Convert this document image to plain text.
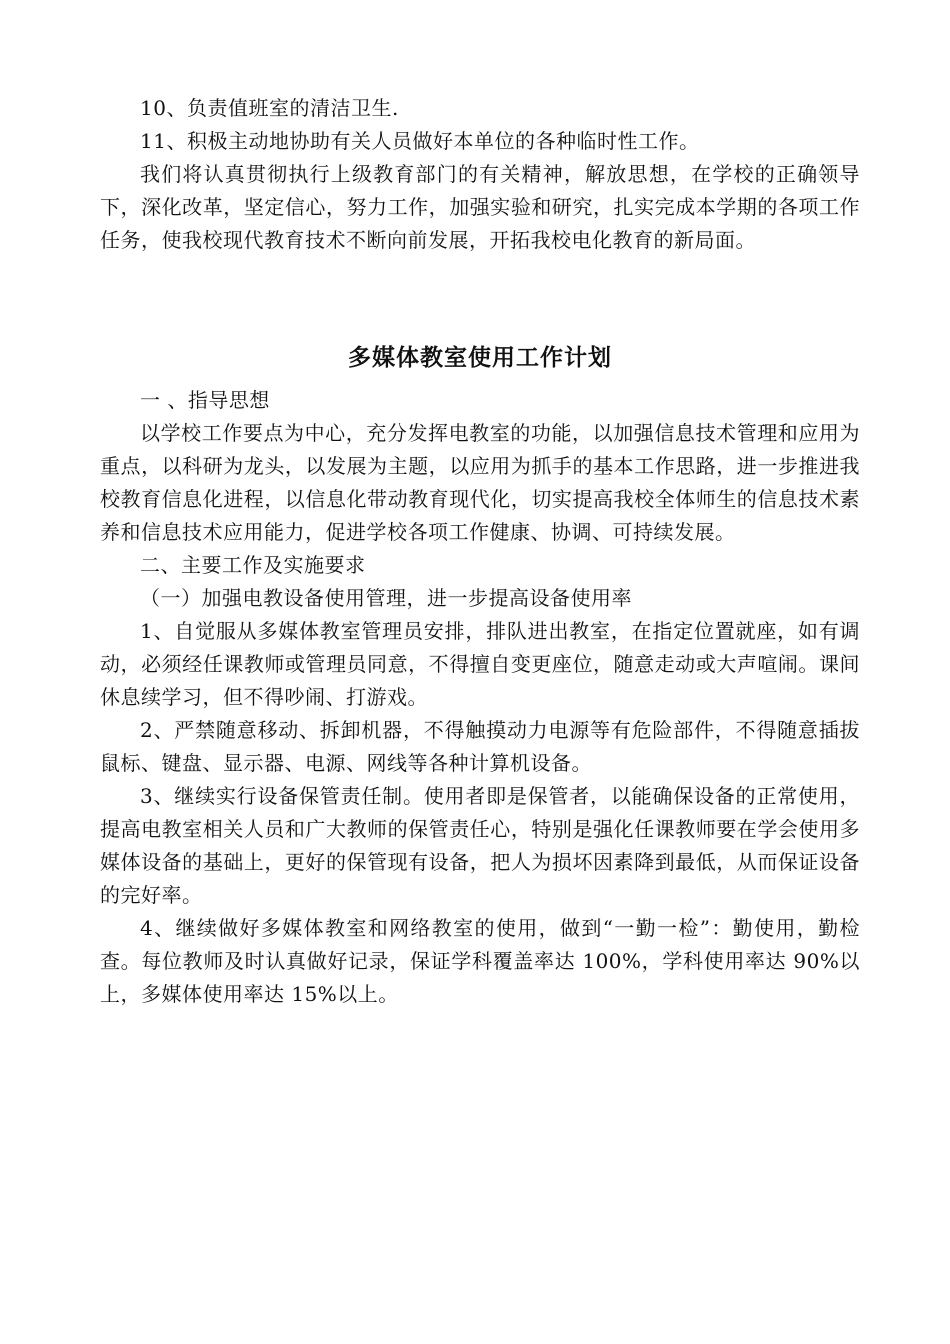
10、负责值班室的清洁卫生.

11、积极主动地协助有关人员做好本单位的各种临时性工作。

我们将认真贯彻执行上级教育部门的有关精神，解放思想，在学校的正确领导下，深化改革，坚定信心，努力工作，加强实验和研究，扎实完成本学期的各项工作任务，使我校现代教育技术不断向前发展，开拓我校电化教育的新局面。

多媒体教室使用工作计划

一 、指导思想

以学校工作要点为中心，充分发挥电教室的功能，以加强信息技术管理和应用为重点，以科研为龙头，以发展为主题，以应用为抓手的基本工作思路，进一步推进我校教育信息化进程，以信息化带动教育现代化，切实提高我校全体师生的信息技术素养和信息技术应用能力，促进学校各项工作健康、协调、可持续发展。

二、主要工作及实施要求

（一）加强电教设备使用管理，进一步提高设备使用率

1、自觉服从多媒体教室管理员安排，排队进出教室，在指定位置就座，如有调动，必须经任课教师或管理员同意，不得擅自变更座位，随意走动或大声喧闹。课间休息续学习，但不得吵闹、打游戏。

2、严禁随意移动、拆卸机器，不得触摸动力电源等有危险部件，不得随意插拔鼠标、键盘、显示器、电源、网线等各种计算机设备。

3、继续实行设备保管责任制。使用者即是保管者，以能确保设备的正常使用，提高电教室相关人员和广大教师的保管责任心，特别是强化任课教师要在学会使用多媒体设备的基础上，更好的保管现有设备，把人为损坏因素降到最低，从而保证设备的完好率。

4、继续做好多媒体教室和网络教室的使用，做到“一勤一检”：勤使用，勤检查。每位教师及时认真做好记录，保证学科覆盖率达 100%，学科使用率达 90%以上，多媒体使用率达 15%以上。
